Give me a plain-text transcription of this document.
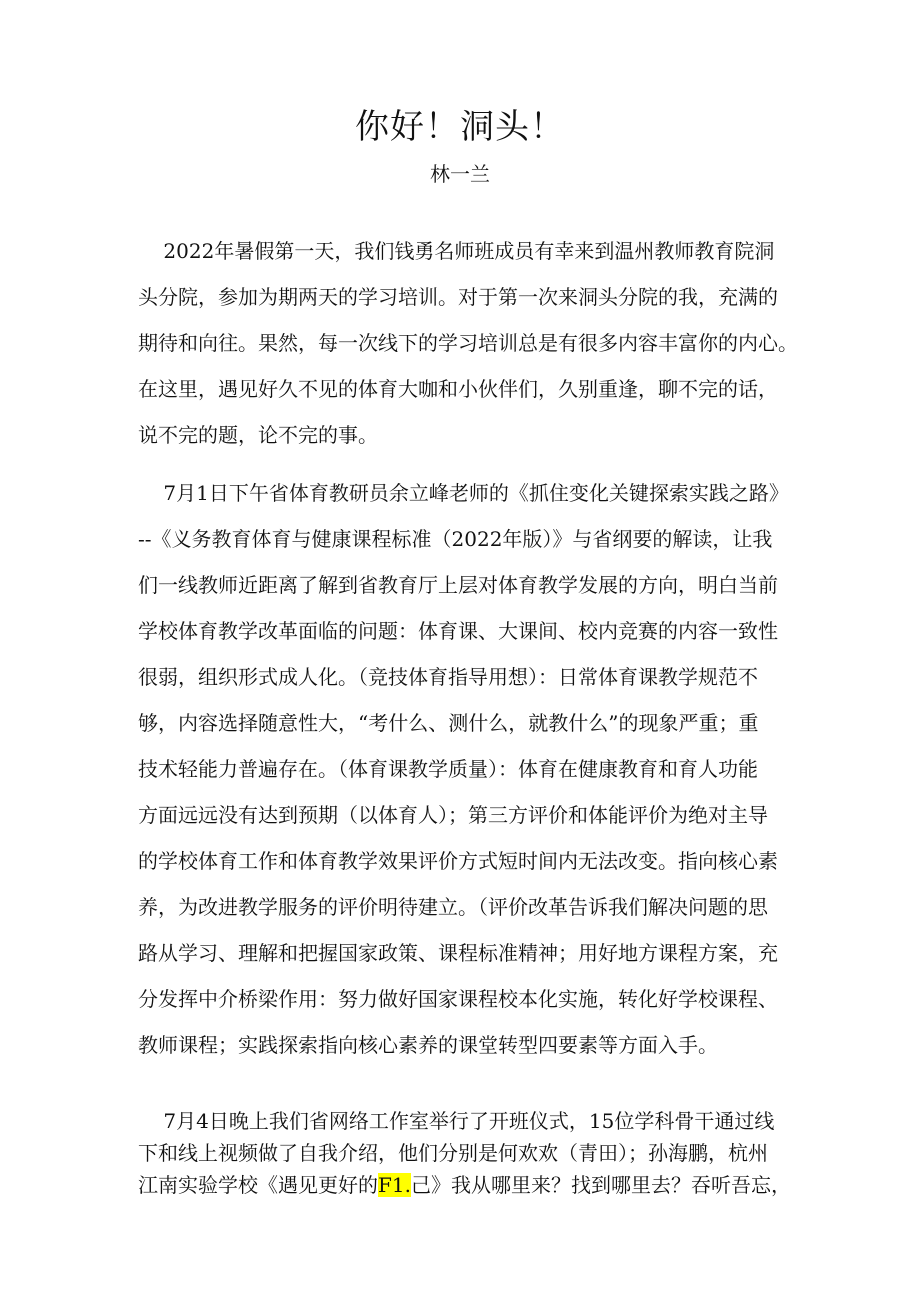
你好！洞头！
林一兰
2022年暑假第一天，我们钱勇名师班成员有幸来到温州教师教育院洞
头分院，参加为期两天的学习培训。对于第一次来洞头分院的我，充满的
期待和向往。果然，每一次线下的学习培训总是有很多内容丰富你的内心。
在这里，遇见好久不见的体育大咖和小伙伴们，久别重逢，聊不完的话，
说不完的题，论不完的事。
7月1日下午省体育教研员余立峰老师的《抓住变化关键探索实践之路》
--《义务教育体育与健康课程标准（2022年版）》与省纲要的解读，让我
们一线教师近距离了解到省教育厅上层对体育教学发展的方向，明白当前
学校体育教学改革面临的问题：体育课、大课间、校内竞赛的内容一致性
很弱，组织形式成人化。（竞技体育指导用想）：日常体育课教学规范不
够，内容选择随意性大，“考什么、测什么，就教什么”的现象严重；重
技术轻能力普遍存在。（体育课教学质量）：体育在健康教育和育人功能
方面远远没有达到预期（以体育人）；第三方评价和体能评价为绝对主导
的学校体育工作和体育教学效果评价方式短时间内无法改变。指向核心素
养，为改进教学服务的评价明待建立。（评价改革告诉我们解决问题的思
路从学习、理解和把握国家政策、课程标准精神；用好地方课程方案，充
分发挥中介桥梁作用：努力做好国家课程校本化实施，转化好学校课程、
教师课程；实践探索指向核心素养的课堂转型四要素等方面入手。
7月4日晚上我们省网络工作室举行了开班仪式，15位学科骨干通过线
下和线上视频做了自我介绍，他们分别是何欢欢（青田）；孙海鹏，杭州
江南实验学校《遇见更好的F1.己》我从哪里来？找到哪里去？吞听吾忘，
